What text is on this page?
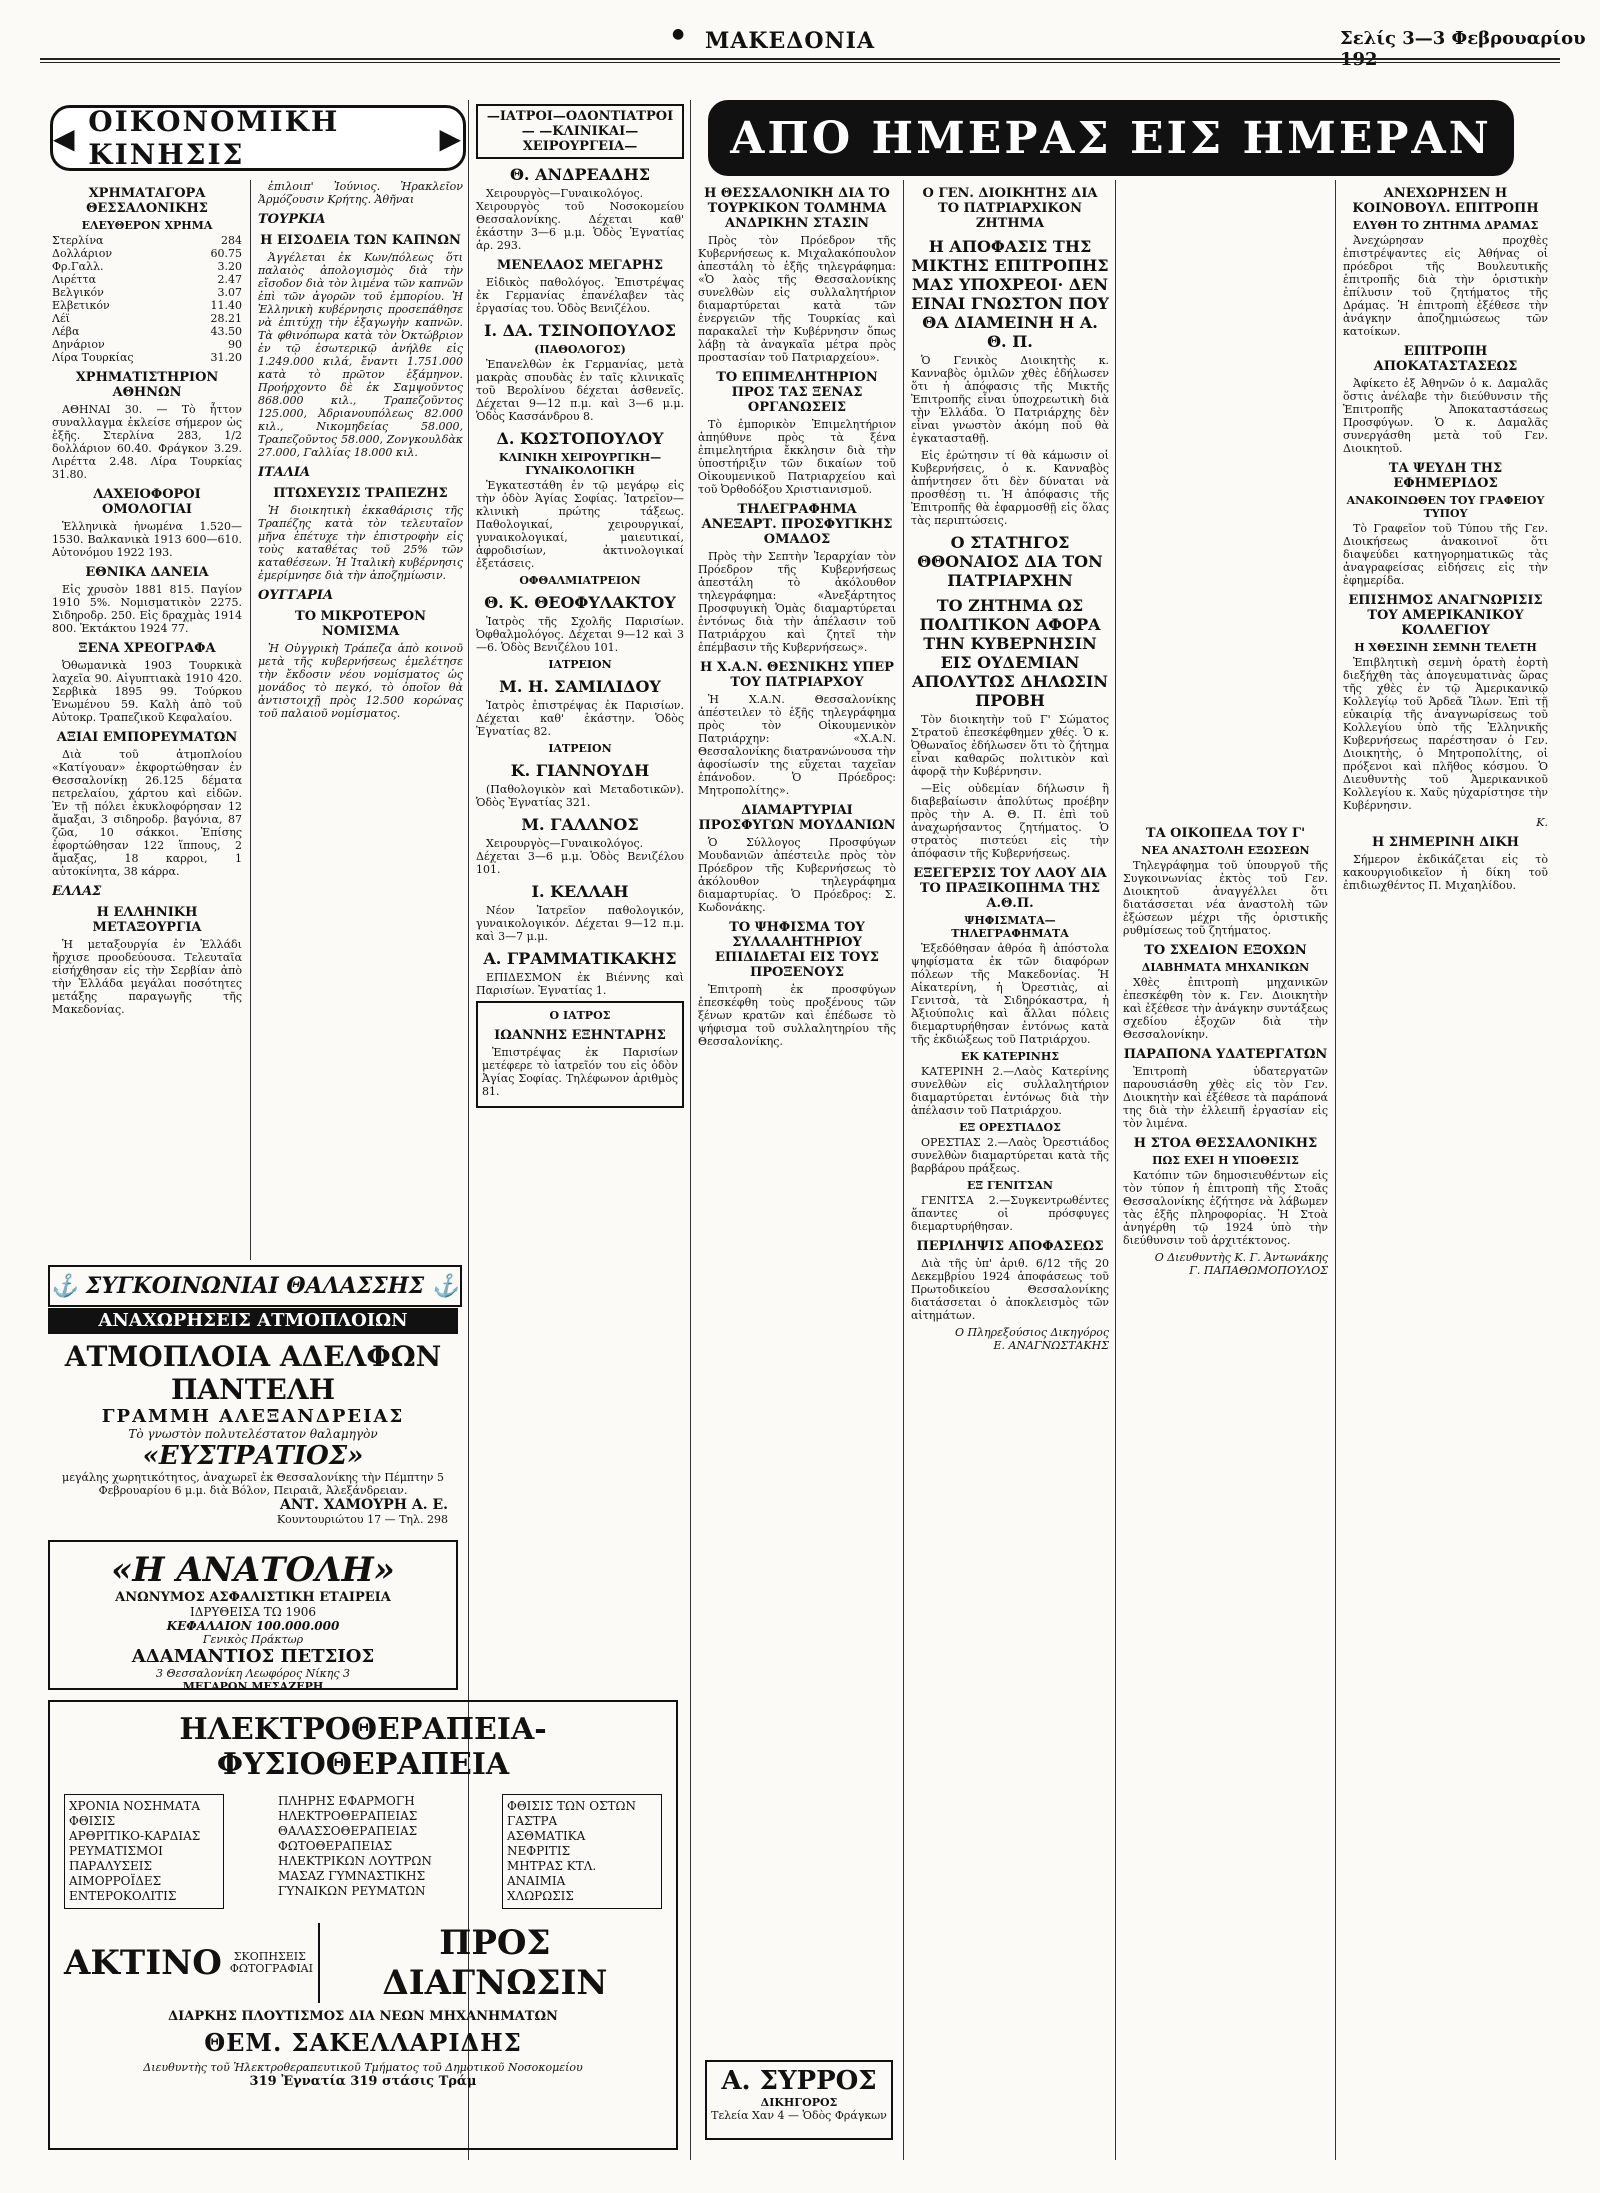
● ΜΑΚΕΔΟΝΙΑ	Σελίς 3—3 Φεβρουαρίου
◀ ΟΙΚΟΝΟΜΙΚΗ ΚΙΝΗΣΙΣ	▶	ΑΠΟ ΗΜΕΡΑΣ ΕΙΣ ΗΜΕΡΑΝ
ΧΡΗΜΑΤΑΓΟΡΑ ΘΕΣΣΑΛΟΝΙΚΗΣ
ΕΛΕΥΘΕΡΟΝ ΧΡΗΜΑ
Στερλίνα	284
Δολλάριον	60.75
Φρ.Γαλλ.	3.20
Λιρέττα	2.47
Βελγικόν	3.07
Ελβετικόν	11.40
Λέϊ	28.21
Λέβα	43.50
Δηνάριον	90
Λίρα Τουρκίας	31.20
ΧΡΗΜΑΤΙΣΤΗΡΙΟΝ ΑΘΗΝΩΝ

ΑΘΗΝΑΙ 30. — Τὸ ἧττον συναλλαγμα ἐκλείσε σήμερον ὡς ἑξῆς. Στερλίνα 283, 1/2 δολλάριον 60.40. Φράγκον 3.29. Λιρέττα 2.48. Λίρα Τουρκίας 31.80.

ΛΑΧΕΙΟΦΟΡΟΙ ΟΜΟΛΟΓΙΑΙ

Ἑλληνικὰ ἡνωμένα 1.520—1530. Βαλκανικὰ 1913 600—610. Αὐτονόμου 1922 193.

ΕΘΝΙΚΑ ΔΑΝΕΙΑ

Εἰς χρυσὸν 1881 815. Παγίον 1910 5%. Νομισματικὸν 2275. Σιδηροδρ. 250. Εἰς δραχμὰς 1914 800. Ἐκτάκτου 1924 77.

ΞΕΝΑ ΧΡΕΟΓΡΑΦΑ

Ὀθωμανικὰ 1903 Τουρκικὰ λαχεῖα 90. Αἰγυπτιακὰ 1910 420. Σερβικὰ 1895 99. Τούρκου Ἑνωμένου 59. Καλὴ ἀπὸ τοῦ Αὐτοκρ. Τραπεζικοῦ Κεφαλαίου.

ΑΞΙΑΙ ΕΜΠΟΡΕΥΜΑΤΩΝ

Διὰ τοῦ ἀτμοπλοίου «Κατίγουαν» ἐκφορτώθησαν ἐν Θεσσαλονίκῃ 26.125 δέματα πετρελαίου, χάρτου καὶ εἰδῶν. Ἐν τῇ πόλει ἐκυκλοφόρησαν 12 ἄμαξαι, 3 σιδηροδρ. βαγόνια, 87 ζῶα, 10 σάκκοι. Ἐπίσης ἐφορτώθησαν 122 ἵππους, 2 ἄμαξας, 18 καρροι, 1 αὐτοκίνητα, 38 κάρρα.

ΕΛΛΑΣ
Η ΕΛΛΗΝΙΚΗ ΜΕΤΑΞΟΥΡΓΙΑ

Ἡ μεταξουργία ἐν Ἑλλάδι ἤρχισε προοδεύουσα. Τελευταῖα εἰσήχθησαν εἰς τὴν Σερβίαν ἀπὸ τὴν Ἑλλάδα μεγάλαι ποσότητες μετάξης παραγωγῆς τῆς Μακεδονίας.

ἐπιλοιπ' Ἰούνιος. Ἠρακλεῖον Ἀρμόζουσιν Κρήτης. Ἀθῆναι

ΤΟΥΡΚΙΑ
Η ΕΙΣΟΔΕΙΑ ΤΩΝ ΚΑΠΝΩΝ

Ἀγγέλεται ἐκ Κων/πόλεως ὅτι παλαιὸς ἀπολογισμὸς διὰ τὴν εἴσοδον διὰ τὸν λιμένα τῶν καπνῶν ἐπὶ τῶν ἀγορῶν τοῦ ἐμπορίου. Ἡ Ἑλληνικὴ κυβέρνησις προσεπάθησε νὰ ἐπιτύχῃ τὴν ἐξαγωγὴν καπνῶν. Τὰ φθινόπωρα κατὰ τὸν Ὀκτώβριον ἐν τῷ ἐσωτερικῷ ἀνήλθε εἰς 1.249.000 κιλά, ἔναντι 1.751.000 κατὰ τὸ πρῶτον ἑξάμηνον. Προήρχοντο δὲ ἐκ Σαμψοῦντος 868.000 κιλ., Τραπεζοῦντος 125.000, Ἀδριανουπόλεως 82.000 κιλ., Νικομηδείας 58.000, Τραπεζοῦντος 58.000, Ζονγκουλδὰκ 27.000, Γαλλίας 18.000 κιλ.

ΙΤΑΛΙΑ
ΠΤΩΧΕΥΣΙΣ ΤΡΑΠΕΖΗΣ

Ἡ διοικητικὴ ἐκκαθάρισις τῆς Τραπέζης κατὰ τὸν τελευταῖον μῆνα ἐπέτυχε τὴν ἐπιστροφὴν εἰς τοὺς καταθέτας τοῦ 25% τῶν καταθέσεων. Ἡ Ἰταλικὴ κυβέρνησις ἐμερίμνησε διὰ τὴν ἀποζημίωσιν.

ΟΥΓΓΑΡΙΑ
ΤΟ ΜΙΚΡΟΤΕΡΟΝ ΝΟΜΙΣΜΑ

Ἡ Οὑγγρικὴ Τράπεζα ἀπὸ κοινοῦ μετὰ τῆς κυβερνήσεως ἐμελέτησε τὴν ἔκδοσιν νέου νομίσματος ὡς μονάδος τὸ πεγκό, τὸ ὁποῖον θὰ ἀντιστοιχῇ πρὸς 12.500 κορώνας τοῦ παλαιοῦ νομίσματος.

—ΙΑΤΡΟΙ—ΟΔΟΝΤΙΑΤΡΟΙ— —ΚΛΙΝΙΚΑΙ—ΧΕΙΡΟΥΡΓΕΙΑ—
Θ. ΑΝΔΡΕΑΔΗΣ

Χειρουργὸς—Γυναικολόγος. Χειρουργὸς τοῦ Νοσοκομείου Θεσσαλονίκης. Δέχεται καθ' ἑκάστην 3—6 μ.μ. Ὁδὸς Ἐγνατίας ἀρ. 293.

ΜΕΝΕΛΑΟΣ ΜΕΓΑΡΗΣ

Εἰδικὸς παθολόγος. Ἐπιστρέψας ἐκ Γερμανίας ἐπανέλαβεν τὰς ἐργασίας του. Ὁδὸς Βενιζέλου.

Ι. ΔΑ. ΤΣΙΝΟΠΟΥΛΟΣ
(ΠΑΘΟΛΟΓΟΣ)

Ἐπανελθὼν ἐκ Γερμανίας, μετὰ μακρὰς σπουδὰς ἐν ταῖς κλινικαῖς τοῦ Βερολίνου δέχεται ἀσθενεῖς. Δέχεται 9—12 π.μ. καὶ 3—6 μ.μ. Ὁδὸς Κασσάνδρου 8.

Δ. ΚΩΣΤΟΠΟΥΛΟΥ
ΚΛΙΝΙΚΗ ΧΕΙΡΟΥΡΓΙΚΗ—ΓΥΝΑΙΚΟΛΟΓΙΚΗ

Ἐγκατεστάθη ἐν τῷ μεγάρῳ εἰς τὴν ὁδὸν Ἁγίας Σοφίας. Ἰατρεῖον—κλινικὴ πρώτης τάξεως. Παθολογικαί, χειρουργικαί, γυναικολογικαί, μαιευτικαί, ἀφροδισίων, ἀκτινολογικαί ἐξετάσεις.

ΟΦΘΑΛΜΙΑΤΡΕΙΟΝ
Θ. Κ. ΘΕΟΦΥΛΑΚΤΟΥ

Ἰατρὸς τῆς Σχολῆς Παρισίων. Ὀφθαλμολόγος. Δέχεται 9—12 καὶ 3—6. Ὁδὸς Βενιζέλου 101.

ΙΑΤΡΕΙΟΝ
Μ. Η. ΣΑΜΙΛΙΔΟΥ

Ἰατρὸς ἐπιστρέψας ἐκ Παρισίων. Δέχεται καθ' ἑκάστην. Ὁδὸς Ἐγνατίας 82.

ΙΑΤΡΕΙΟΝ
Κ. ΓΙΑΝΝΟΥΔΗ

(Παθολογικὸν καὶ Μεταδοτικῶν). Ὁδὸς Ἐγνατίας 321.

Μ. ΓΑΛΛΝΟΣ

Χειρουργὸς—Γυναικολόγος. Δέχεται 3—6 μ.μ. Ὁδὸς Βενιζέλου 101.

Ι. ΚΕΛΛΑΗ

Νέον Ἰατρεῖον παθολογικόν, γυναικολογικόν. Δέχεται 9—12 π.μ. καὶ 3—7 μ.μ.

Α. ΓΡΑΜΜΑΤΙΚΑΚΗΣ

ΕΠΙΔΕΣΜΟΝ ἐκ Βιέννης καὶ Παρισίων. Ἐγνατίας 1.

Ο ΙΑΤΡΟΣ
ΙΩΑΝΝΗΣ ΕΞΗΝΤΑΡΗΣ

Ἐπιστρέψας ἐκ Παρισίων μετέφερε τὸ ἰατρεῖόν του εἰς ὁδὸν Ἁγίας Σοφίας. Τηλέφωνον ἀριθμὸς 81.

Η ΘΕΣΣΑΛΟΝΙΚΗ ΔΙΑ ΤΟ ΤΟΥΡΚΙΚΟΝ ΤΟΛΜΗΜΑ ΑΝΔΡΙΚΗΝ ΣΤΑΣΙΝ

Πρὸς τὸν Πρόεδρον τῆς Κυβερνήσεως κ. Μιχαλακόπουλον ἀπεστάλη τὸ ἑξῆς τηλεγράφημα: «Ὁ λαὸς τῆς Θεσσαλονίκης συνελθὼν εἰς συλλαλητήριον διαμαρτύρεται κατὰ τῶν ἐνεργειῶν τῆς Τουρκίας καὶ παρακαλεῖ τὴν Κυβέρνησιν ὅπως λάβῃ τὰ ἀναγκαῖα μέτρα πρὸς προστασίαν τοῦ Πατριαρχείου».

ΤΟ ΕΠΙΜΕΛΗΤΗΡΙΟΝ ΠΡΟΣ ΤΑΣ ΞΕΝΑΣ ΟΡΓΑΝΩΣΕΙΣ

Τὸ ἐμπορικὸν Ἐπιμελητήριον ἀπηύθυνε πρὸς τὰ ξένα ἐπιμελητήρια ἔκκλησιν διὰ τὴν ὑποστήριξιν τῶν δικαίων τοῦ Οἰκουμενικοῦ Πατριαρχείου καὶ τοῦ Ὀρθοδόξου Χριστιανισμοῦ.

ΤΗΛΕΓΡΑΦΗΜΑ ΑΝΕΞΑΡΤ. ΠΡΟΣΦΥΓΙΚΗΣ ΟΜΑΔΟΣ

Πρὸς τὴν Σεπτὴν Ἱεραρχίαν τὸν Πρόεδρον τῆς Κυβερνήσεως ἀπεστάλη τὸ ἀκόλουθον τηλεγράφημα: «Ἀνεξάρτητος Προσφυγικὴ Ὁμὰς διαμαρτύρεται ἐντόνως διὰ τὴν ἀπέλασιν τοῦ Πατριάρχου καὶ ζητεῖ τὴν ἐπέμβασιν τῆς Κυβερνήσεως».

Η Χ.Α.Ν. ΘΕΣΝΙΚΗΣ ΥΠΕΡ ΤΟΥ ΠΑΤΡΙΑΡΧΟΥ

Ἡ Χ.Α.Ν. Θεσσαλονίκης ἀπέστειλεν τὸ ἑξῆς τηλεγράφημα πρὸς τὸν Οἰκουμενικὸν Πατριάρχην: «Χ.Α.Ν. Θεσσαλονίκης διατρανώνουσα τὴν ἀφοσίωσίν της εὔχεται ταχεῖαν ἐπάνοδον. Ὁ Πρόεδρος: Μητροπολίτης».

ΔΙΑΜΑΡΤΥΡΙΑΙ ΠΡΟΣΦΥΓΩΝ ΜΟΥΔΑΝΙΩΝ

Ὁ Σύλλογος Προσφύγων Μουδανιῶν ἀπέστειλε πρὸς τὸν Πρόεδρον τῆς Κυβερνήσεως τὸ ἀκόλουθον τηλεγράφημα διαμαρτυρίας. Ὁ Πρόεδρος: Σ. Κωδονάκης.

ΤΟ ΨΗΦΙΣΜΑ ΤΟΥ ΣΥΛΛΑΛΗΤΗΡΙΟΥ ΕΠΙΔΙΔΕΤΑΙ ΕΙΣ ΤΟΥΣ ΠΡΟΞΕΝΟΥΣ

Ἐπιτροπὴ ἐκ προσφύγων ἐπεσκέφθη τοὺς προξένους τῶν ξένων κρατῶν καὶ ἐπέδωσε τὸ ψήφισμα τοῦ συλλαλητηρίου τῆς Θεσσαλονίκης.

Α. ΣΥΡΡΟΣ
ΔΙΚΗΓΟΡΟΣ
Τελεία Χαν 4 — Ὁδὸς Φράγκων
Ο ΓΕΝ. ΔΙΟΙΚΗΤΗΣ ΔΙΑ ΤΟ ΠΑΤΡΙΑΡΧΙΚΟΝ ΖΗΤΗΜΑ
Η ΑΠΟΦΑΣΙΣ ΤΗΣ ΜΙΚΤΗΣ ΕΠΙΤΡΟΠΗΣ ΜΑΣ ΥΠΟΧΡΕΟΙ· ΔΕΝ ΕΙΝΑΙ ΓΝΩΣΤΟΝ ΠΟΥ ΘΑ ΔΙΑΜΕΙΝΗ Η Α. Θ. Π.

Ὁ Γενικὸς Διοικητὴς κ. Κανναβὸς ὁμιλῶν χθὲς ἐδήλωσεν ὅτι ἡ ἀπόφασις τῆς Μικτῆς Ἐπιτροπῆς εἶναι ὑποχρεωτικὴ διὰ τὴν Ἑλλάδα. Ὁ Πατριάρχης δὲν εἶναι γνωστὸν ἀκόμη ποῦ θὰ ἐγκατασταθῇ.

Εἰς ἐρώτησιν τί θὰ κάμωσιν οἱ Κυβερνήσεις, ὁ κ. Κανναβὸς ἀπήντησεν ὅτι δὲν δύναται νὰ προσθέσῃ τι. Ἡ ἀπόφασις τῆς Ἐπιτροπῆς θὰ ἐφαρμοσθῇ εἰς ὅλας τὰς περιπτώσεις.

Ο ΣΤΑΤΗΓΟΣ ΘΘΟΝΑΙΟΣ ΔΙΑ ΤΟΝ ΠΑΤΡΙΑΡΧΗΝ
ΤΟ ΖΗΤΗΜΑ ΩΣ ΠΟΛΙΤΙΚΟΝ ΑΦΟΡΑ ΤΗΝ ΚΥΒΕΡΝΗΣΙΝ ΕΙΣ ΟΥΔΕΜΙΑΝ ΑΠΟΛΥΤΩΣ ΔΗΛΩΣΙΝ ΠΡΟΒΗ

Τὸν διοικητὴν τοῦ Γ' Σώματος Στρατοῦ ἐπεσκέφθημεν χθές. Ὁ κ. Ὀθωναῖος ἐδήλωσεν ὅτι τὸ ζήτημα εἶναι καθαρῶς πολιτικὸν καὶ ἀφορᾷ τὴν Κυβέρνησιν.

—Εἰς οὐδεμίαν δήλωσιν ἢ διαβεβαίωσιν ἀπολύτως προέβην πρὸς τὴν Α. Θ. Π. ἐπὶ τοῦ ἀναχωρήσαντος ζητήματος. Ὁ στρατὸς πιστεύει εἰς τὴν ἀπόφασιν τῆς Κυβερνήσεως.

ΕΞΕΓΕΡΣΙΣ ΤΟΥ ΛΑΟΥ ΔΙΑ ΤΟ ΠΡΑΞΙΚΟΠΗΜΑ ΤΗΣ Α.Θ.Π.
ΨΗΦΙΣΜΑΤΑ—ΤΗΛΕΓΡΑΦΗΜΑΤΑ

Ἐξεδόθησαν ἀθρόα ἢ ἀπόστολα ψηφίσματα ἐκ τῶν διαφόρων πόλεων τῆς Μακεδονίας. Ἡ Αἰκατερίνη, ἡ Ὀρεστιὰς, αἱ Γενιτσὰ, τὰ Σιδηρόκαστρα, ἡ Ἀξιούπολις καὶ ἄλλαι πόλεις διεμαρτυρήθησαν ἐντόνως κατὰ τῆς ἐκδιώξεως τοῦ Πατριάρχου.

ΕΚ ΚΑΤΕΡΙΝΗΣ

ΚΑΤΕΡΙΝΗ 2.—Λαὸς Κατερίνης συνελθὼν εἰς συλλαλητήριον διαμαρτύρεται ἐντόνως διὰ τὴν ἀπέλασιν τοῦ Πατριάρχου.

ΕΞ ΟΡΕΣΤΙΑΔΟΣ

ΟΡΕΣΤΙΑΣ 2.—Λαὸς Ὀρεστιάδος συνελθὼν διαμαρτύρεται κατὰ τῆς βαρβάρου πράξεως.

ΕΞ ΓΕΝΙΤΣΑΝ

ΓΕΝΙΤΣΑ 2.—Συγκεντρωθέντες ἅπαντες οἱ πρόσφυγες διεμαρτυρήθησαν.

ΠΕΡΙΛΗΨΙΣ ΑΠΟΦΑΣΕΩΣ

Διὰ τῆς ὑπ' ἀριθ. 6/12 τῆς 20 Δεκεμβρίου 1924 ἀποφάσεως τοῦ Πρωτοδικείου Θεσσαλονίκης διατάσσεται ὁ ἀποκλεισμὸς τῶν αἰτημάτων.

Ο Πληρεξούσιος Δικηγόρος
Ε. ΑΝΑΓΝΩΣΤΑΚΗΣ
ΤΑ ΟΙΚΟΠΕΔΑ ΤΟΥ Γ'
ΝΕΑ ΑΝΑΣΤΟΛΗ ΕΞΩΣΕΩΝ

Τηλεγράφημα τοῦ ὑπουργοῦ τῆς Συγκοινωνίας ἐκτὸς τοῦ Γεν. Διοικητοῦ ἀναγγέλλει ὅτι διατάσσεται νέα ἀναστολὴ τῶν ἐξώσεων μέχρι τῆς ὁριστικῆς ρυθμίσεως τοῦ ζητήματος.

ΤΟ ΣΧΕΔΙΟΝ ΕΞΟΧΩΝ
ΔΙΑΒΗΜΑΤΑ ΜΗΧΑΝΙΚΩΝ

Χθὲς ἐπιτροπὴ μηχανικῶν ἐπεσκέφθη τὸν κ. Γεν. Διοικητὴν καὶ ἐξέθεσε τὴν ἀνάγκην συντάξεως σχεδίου ἐξοχῶν διὰ τὴν Θεσσαλονίκην.

ΠΑΡΑΠΟΝΑ ΥΔΑΤΕΡΓΑΤΩΝ

Ἐπιτροπὴ ὑδατεργατῶν παρουσιάσθη χθὲς εἰς τὸν Γεν. Διοικητὴν καὶ ἐξέθεσε τὰ παράπονά της διὰ τὴν ἐλλειπῆ ἐργασίαν εἰς τὸν λιμένα.

Η ΣΤΟΑ ΘΕΣΣΑΛΟΝΙΚΗΣ
ΠΩΣ ΕΧΕΙ Η ΥΠΟΘΕΣΙΣ

Κατόπιν τῶν δημοσιευθέντων εἰς τὸν τύπον ἡ ἐπιτροπὴ τῆς Στοᾶς Θεσσαλονίκης ἐζήτησε νὰ λάβωμεν τὰς ἑξῆς πληροφορίας. Ἡ Στοὰ ἀνηγέρθη τῷ 1924 ὑπὸ τὴν διεύθυνσιν τοῦ ἀρχιτέκτονος.

Ο Διευθυντὴς Κ. Γ. Ἀντωνάκης
Γ. ΠΑΠΑΘΩΜΟΠΟΥΛΟΣ
ΑΝΕΧΩΡΗΣΕΝ Η ΚΟΙΝΟΒΟΥΛ. ΕΠΙΤΡΟΠΗ
ΕΛΥΘΗ ΤΟ ΖΗΤΗΜΑ ΔΡΑΜΑΣ

Ἀνεχώρησαν προχθὲς ἐπιστρέψαντες εἰς Ἀθήνας οἱ πρόεδροι τῆς Βουλευτικῆς ἐπιτροπῆς διὰ τὴν ὁριστικὴν ἐπίλυσιν τοῦ ζητήματος τῆς Δράμας. Ἡ ἐπιτροπὴ ἐξέθεσε τὴν ἀνάγκην ἀποζημιώσεως τῶν κατοίκων.

ΕΠΙΤΡΟΠΗ ΑΠΟΚΑΤΑΣΤΑΣΕΩΣ

Ἀφίκετο ἐξ Ἀθηνῶν ὁ κ. Δαμαλᾶς ὅστις ἀνέλαβε τὴν διεύθυνσιν τῆς Ἐπιτροπῆς Ἀποκαταστάσεως Προσφύγων. Ὁ κ. Δαμαλᾶς συνεργάσθη μετὰ τοῦ Γεν. Διοικητοῦ.

ΤΑ ΨΕΥΔΗ ΤΗΣ ΕΦΗΜΕΡΙΔΟΣ
ΑΝΑΚΟΙΝΩΘΕΝ ΤΟΥ ΓΡΑΦΕΙΟΥ ΤΥΠΟΥ

Τὸ Γραφεῖον τοῦ Τύπου τῆς Γεν. Διοικήσεως ἀνακοινοῖ ὅτι διαψεύδει κατηγορηματικῶς τὰς ἀναγραφείσας εἰδήσεις εἰς τὴν ἐφημερίδα.

ΕΠΙΣΗΜΟΣ ΑΝΑΓΝΩΡΙΣΙΣ ΤΟΥ ΑΜΕΡΙΚΑΝΙΚΟΥ ΚΟΛΛΕΓΙΟΥ
Η ΧΘΕΣΙΝΗ ΣΕΜΝΗ ΤΕΛΕΤΗ

Ἐπιβλητικὴ σεμνὴ ὁρατὴ ἐορτὴ διεξήχθη τὰς ἀπογευματινὰς ὥρας τῆς χθὲς ἐν τῷ Ἀμερικανικῷ Κολλεγίῳ τοῦ Ἀρδεᾶ Ἴλων. Ἐπὶ τῇ εὐκαιρίᾳ τῆς ἀναγνωρίσεως τοῦ Κολλεγίου ὑπὸ τῆς Ἑλληνικῆς Κυβερνήσεως παρέστησαν ὁ Γεν. Διοικητὴς, ὁ Μητροπολίτης, οἱ πρόξενοι καὶ πλῆθος κόσμου. Ὁ Διευθυντὴς τοῦ Ἀμερικανικοῦ Κολλεγίου κ. Χαῦς ηὐχαρίστησε τὴν Κυβέρνησιν.

Κ.
Η ΣΗΜΕΡΙΝΗ ΔΙΚΗ

Σήμερον ἐκδικάζεται εἰς τὸ κακουργιοδικεῖον ἡ δίκη τοῦ ἐπιδιωχθέντος Π. Μιχαηλίδου.

⚓ ΣΥΓΚΟΙΝΩΝΙΑΙ ΘΑΛΑΣΣΗΣ ⚓
ΑΝΑΧΩΡΗΣΕΙΣ ΑΤΜΟΠΛΟΙΩΝ
ΑΤΜΟΠΛΟΙΑ ΑΔΕΛΦΩΝ ΠΑΝΤΕΛΗ
ΓΡΑΜΜΗ ΑΛΕΞΑΝΔΡΕΙΑΣ
Τὸ γνωστὸν πολυτελέστατον θαλαμηγὸν
«ΕΥΣΤΡΑΤΙΟΣ»
μεγάλης χωρητικότητος, ἀναχωρεῖ ἐκ Θεσσαλονίκης τὴν Πέμπτην 5 Φεβρουαρίου 6 μ.μ. διὰ Βόλον, Πειραιᾶ, Ἀλεξάνδρειαν.
ΑΝΤ. ΧΑΜΟΥΡΗ Α. Ε.
Κουντουριώτου 17 — Τηλ. 298
«Η ΑΝΑΤΟΛΗ»
ΑΝΩΝΥΜΟΣ ΑΣΦΑΛΙΣΤΙΚΗ ΕΤΑΙΡΕΙΑ
ΙΔΡΥΘΕΙΣΑ ΤΩ 1906
ΚΕΦΑΛΑΙΟΝ 100.000.000
Γενικὸς Πράκτωρ
ΑΔΑΜΑΝΤΙΟΣ ΠΕΤΣΙΟΣ
3 Θεσσαλονίκη Λεωφόρος Νίκης 3
ΜΕΓΑΡΟΝ ΜΕΣΑΖΕΡΗ
ΗΛΕΚΤΡΟΘΕΡΑΠΕΙΑ-ΦΥΣΙΟΘΕΡΑΠΕΙΑ
ΧΡΟΝΙΑ ΝΟΣΗΜΑΤΑ
ΦΘΙΣΙΣ
ΑΡΘΡΙΤΙΚΟ-ΚΑΡΔΙΑΣ
ΡΕΥΜΑΤΙΣΜΟΙ
ΠΑΡΑΛΥΣΕΙΣ
ΑΙΜΟΡΡΟΪΔΕΣ
ΕΝΤΕΡΟΚΟΛΙΤΙΣ
ΠΛΗΡΗΣ ΕΦΑΡΜΟΓΗ
ΗΛΕΚΤΡΟΘΕΡΑΠΕΙΑΣ
ΘΑΛΑΣΣΟΘΕΡΑΠΕΙΑΣ
ΦΩΤΟΘΕΡΑΠΕΙΑΣ
ΗΛΕΚΤΡΙΚΩΝ ΛΟΥΤΡΩΝ
ΜΑΣΑΖ ΓΥΜΝΑΣΤΙΚΗΣ
ΓΥΝΑΙΚΩΝ ΡΕΥΜΑΤΩΝ
ΦΘΙΣΙΣ ΤΩΝ ΟΣΤΩΝ
ΓΑΣΤΡΑ
ΑΣΘΜΑΤΙΚΑ
ΝΕΦΡΙΤΙΣ
ΜΗΤΡΑΣ ΚΤΛ.
ΑΝΑΙΜΙΑ
ΧΛΩΡΩΣΙΣ
ΑΚΤΙΝΟ	ΣΚΟΠΗΣΕΙΣ ΦΩΤΟΓΡΑΦΙΑΙ
ΠΡΟΣ ΔΙΑΓΝΩΣΙΝ
ΔΙΑΡΚΗΣ ΠΛΟΥΤΙΣΜΟΣ ΔΙΑ ΝΕΩΝ ΜΗΧΑΝΗΜΑΤΩΝ
ΘΕΜ. ΣΑΚΕΛΛΑΡΙΔΗΣ
Διευθυντὴς τοῦ Ἠλεκτροθεραπευτικοῦ Τμήματος τοῦ Δημοτικοῦ Νοσοκομείου
319 Ἐγνατία 319 στάσις Τράμ
